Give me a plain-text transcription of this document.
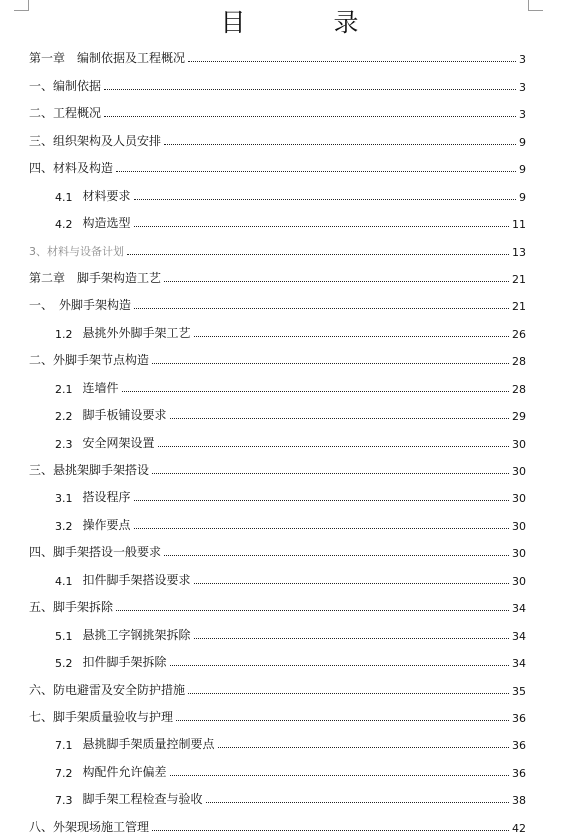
目 录
第一章　编制依据及工程概况	3
一、编制依据	3
二、工程概况	3
三、组织架构及人员安排	9
四、材料及构造	9
4.1 材料要求	9
4.2 构造选型	11
3、材料与设备计划	13
第二章　脚手架构造工艺	21
一、　外脚手架构造	21
1.2 悬挑外外脚手架工艺	26
二、外脚手架节点构造	28
2.1 连墙件	28
2.2 脚手板铺设要求	29
2.3 安全网架设置	30
三、悬挑架脚手架搭设	30
3.1 搭设程序	30
3.2 操作要点	30
四、脚手架搭设一般要求	30
4.1 扣件脚手架搭设要求	30
五、脚手架拆除	34
5.1 悬挑工字钢挑架拆除	34
5.2 扣件脚手架拆除	34
六、防电避雷及安全防护措施	35
七、脚手架质量验收与护理	36
7.1 悬挑脚手架质量控制要点	36
7.2 构配件允许偏差	36
7.3 脚手架工程检查与验收	38
八、外架现场施工管理	42
